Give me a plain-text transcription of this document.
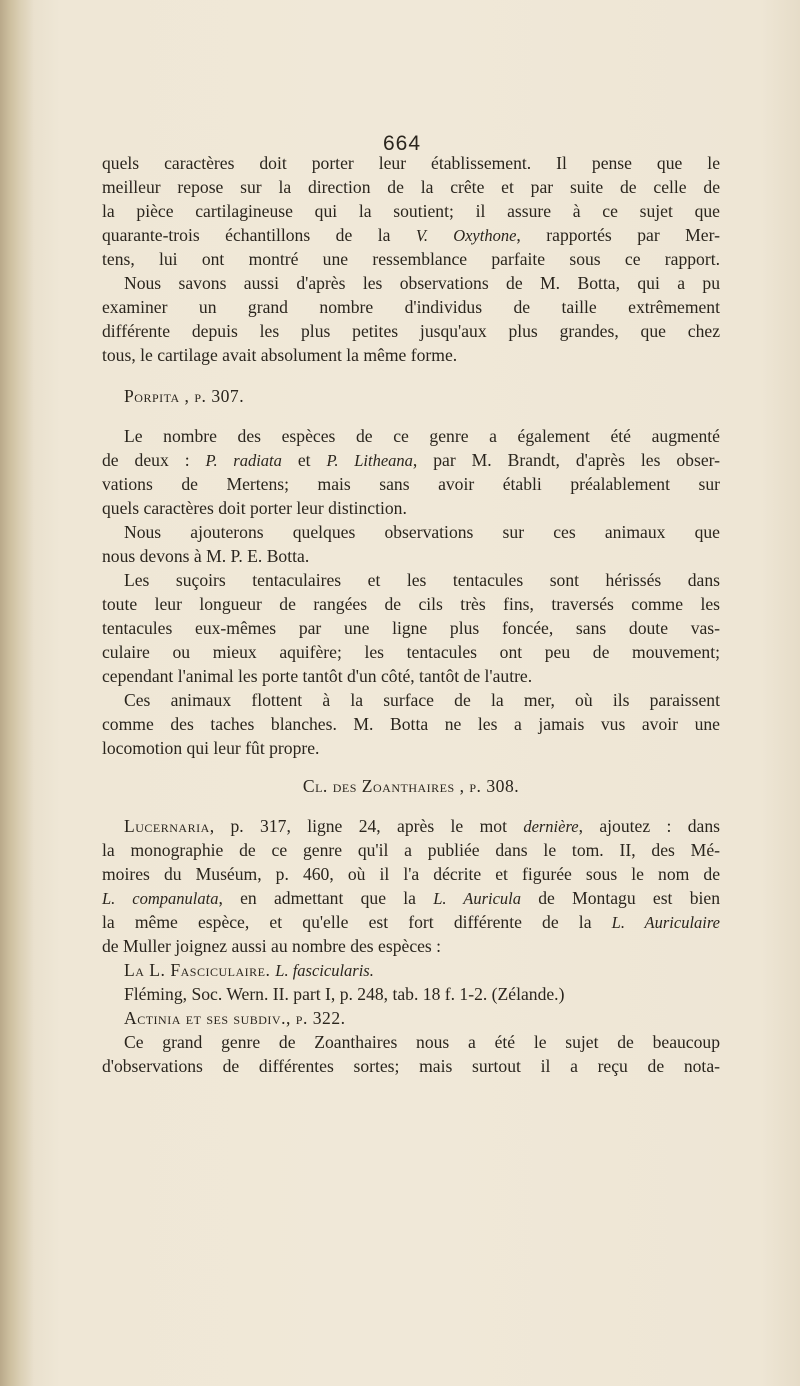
664
quels caractères doit porter leur établissement. Il pense que le
meilleur repose sur la direction de la crête et par suite de celle de
la pièce cartilagineuse qui la soutient; il assure à ce sujet que
quarante-trois échantillons de la V. Oxythone, rapportés par Mer-
tens, lui ont montré une ressemblance parfaite sous ce rapport.
Nous savons aussi d'après les observations de M. Botta, qui a pu
examiner un grand nombre d'individus de taille extrêmement
différente depuis les plus petites jusqu'aux plus grandes, que chez
tous, le cartilage avait absolument la même forme.
Porpita , p. 307.
Le nombre des espèces de ce genre a également été augmenté
de deux : P. radiata et P. Litheana, par M. Brandt, d'après les obser-
vations de Mertens; mais sans avoir établi préalablement sur
quels caractères doit porter leur distinction.
Nous ajouterons quelques observations sur ces animaux que
nous devons à M. P. E. Botta.
Les suçoirs tentaculaires et les tentacules sont hérissés dans
toute leur longueur de rangées de cils très fins, traversés comme les
tentacules eux-mêmes par une ligne plus foncée, sans doute vas-
culaire ou mieux aquifère; les tentacules ont peu de mouvement;
cependant l'animal les porte tantôt d'un côté, tantôt de l'autre.
Ces animaux flottent à la surface de la mer, où ils paraissent
comme des taches blanches. M. Botta ne les a jamais vus avoir une
locomotion qui leur fût propre.
Cl. des Zoanthaires , p. 308.
Lucernaria, p. 317, ligne 24, après le mot dernière, ajoutez : dans
la monographie de ce genre qu'il a publiée dans le tom. II, des Mé-
moires du Muséum, p. 460, où il l'a décrite et figurée sous le nom de
L. companulata, en admettant que la L. Auricula de Montagu est bien
la même espèce, et qu'elle est fort différente de la L. Auriculaire
de Muller joignez aussi au nombre des espèces :
La L. Fasciculaire. L. fascicularis.
Fléming, Soc. Wern. II. part I, p. 248, tab. 18 f. 1-2. (Zélande.)
Actinia et ses subdiv., p. 322.
Ce grand genre de Zoanthaires nous a été le sujet de beaucoup
d'observations de différentes sortes; mais surtout il a reçu de nota-
